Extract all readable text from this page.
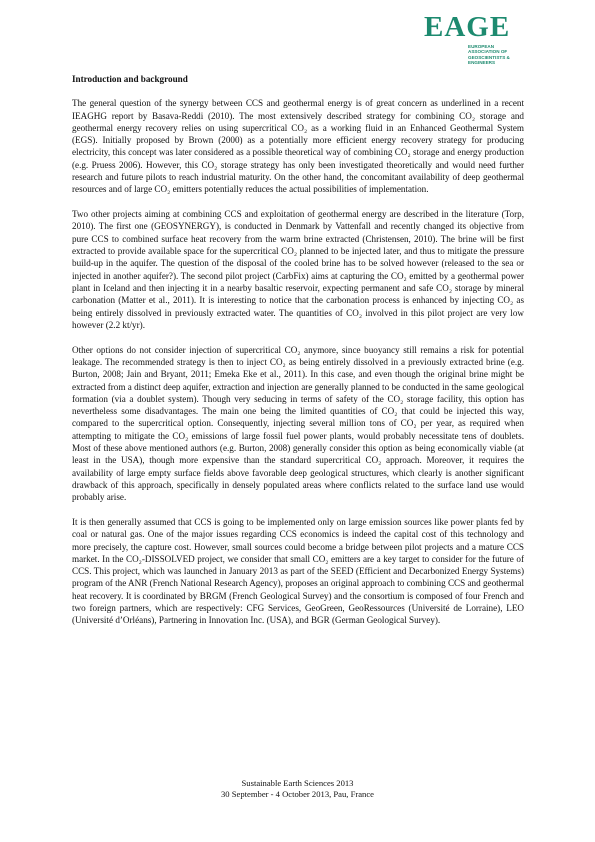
EAGE
EUROPEAN
ASSOCIATION OF
GEOSCIENTISTS &
ENGINEERS
Introduction and background

The general question of the synergy between CCS and geothermal energy is of great concern as underlined in a recent IEAGHG report by Basava-Reddi (2010). The most extensively described strategy for combining CO₂ storage and geothermal energy recovery relies on using supercritical CO₂ as a working fluid in an Enhanced Geothermal System (EGS). Initially proposed by Brown (2000) as a potentially more efficient energy recovery strategy for producing electricity, this concept was later considered as a possible theoretical way of combining CO₂ storage and energy production (e.g. Pruess 2006). However, this CO₂ storage strategy has only been investigated theoretically and would need further research and future pilots to reach industrial maturity. On the other hand, the concomitant availability of deep geothermal resources and of large CO₂ emitters potentially reduces the actual possibilities of implementation.

Two other projects aiming at combining CCS and exploitation of geothermal energy are described in the literature (Torp, 2010). The first one (GEOSYNERGY), is conducted in Denmark by Vattenfall and recently changed its objective from pure CCS to combined surface heat recovery from the warm brine extracted (Christensen, 2010). The brine will be first extracted to provide available space for the supercritical CO₂ planned to be injected later, and thus to mitigate the pressure build-up in the aquifer. The question of the disposal of the cooled brine has to be solved however (released to the sea or injected in another aquifer?). The second pilot project (CarbFix) aims at capturing the CO₂ emitted by a geothermal power plant in Iceland and then injecting it in a nearby basaltic reservoir, expecting permanent and safe CO₂ storage by mineral carbonation (Matter et al., 2011). It is interesting to notice that the carbonation process is enhanced by injecting CO₂ as being entirely dissolved in previously extracted water. The quantities of CO₂ involved in this pilot project are very low however (2.2 kt/yr).

Other options do not consider injection of supercritical CO₂ anymore, since buoyancy still remains a risk for potential leakage. The recommended strategy is then to inject CO₂ as being entirely dissolved in a previously extracted brine (e.g. Burton, 2008; Jain and Bryant, 2011; Emeka Eke et al., 2011). In this case, and even though the original brine might be extracted from a distinct deep aquifer, extraction and injection are generally planned to be conducted in the same geological formation (via a doublet system). Though very seducing in terms of safety of the CO₂ storage facility, this option has nevertheless some disadvantages. The main one being the limited quantities of CO₂ that could be injected this way, compared to the supercritical option. Consequently, injecting several million tons of CO₂ per year, as required when attempting to mitigate the CO₂ emissions of large fossil fuel power plants, would probably necessitate tens of doublets. Most of these above mentioned authors (e.g. Burton, 2008) generally consider this option as being economically viable (at least in the USA), though more expensive than the standard supercritical CO₂ approach. Moreover, it requires the availability of large empty surface fields above favorable deep geological structures, which clearly is another significant drawback of this approach, specifically in densely populated areas where conflicts related to the surface land use would probably arise.

It is then generally assumed that CCS is going to be implemented only on large emission sources like power plants fed by coal or natural gas. One of the major issues regarding CCS economics is indeed the capital cost of this technology and more precisely, the capture cost. However, small sources could become a bridge between pilot projects and a mature CCS market. In the CO₂-DISSOLVED project, we consider that small CO₂ emitters are a key target to consider for the future of CCS. This project, which was launched in January 2013 as part of the SEED (Efficient and Decarbonized Energy Systems) program of the ANR (French National Research Agency), proposes an original approach to combining CCS and geothermal heat recovery. It is coordinated by BRGM (French Geological Survey) and the consortium is composed of four French and two foreign partners, which are respectively: CFG Services, GeoGreen, GeoRessources (Université de Lorraine), LEO (Université d’Orléans), Partnering in Innovation Inc. (USA), and BGR (German Geological Survey).

Sustainable Earth Sciences 2013
30 September - 4 October 2013, Pau, France
